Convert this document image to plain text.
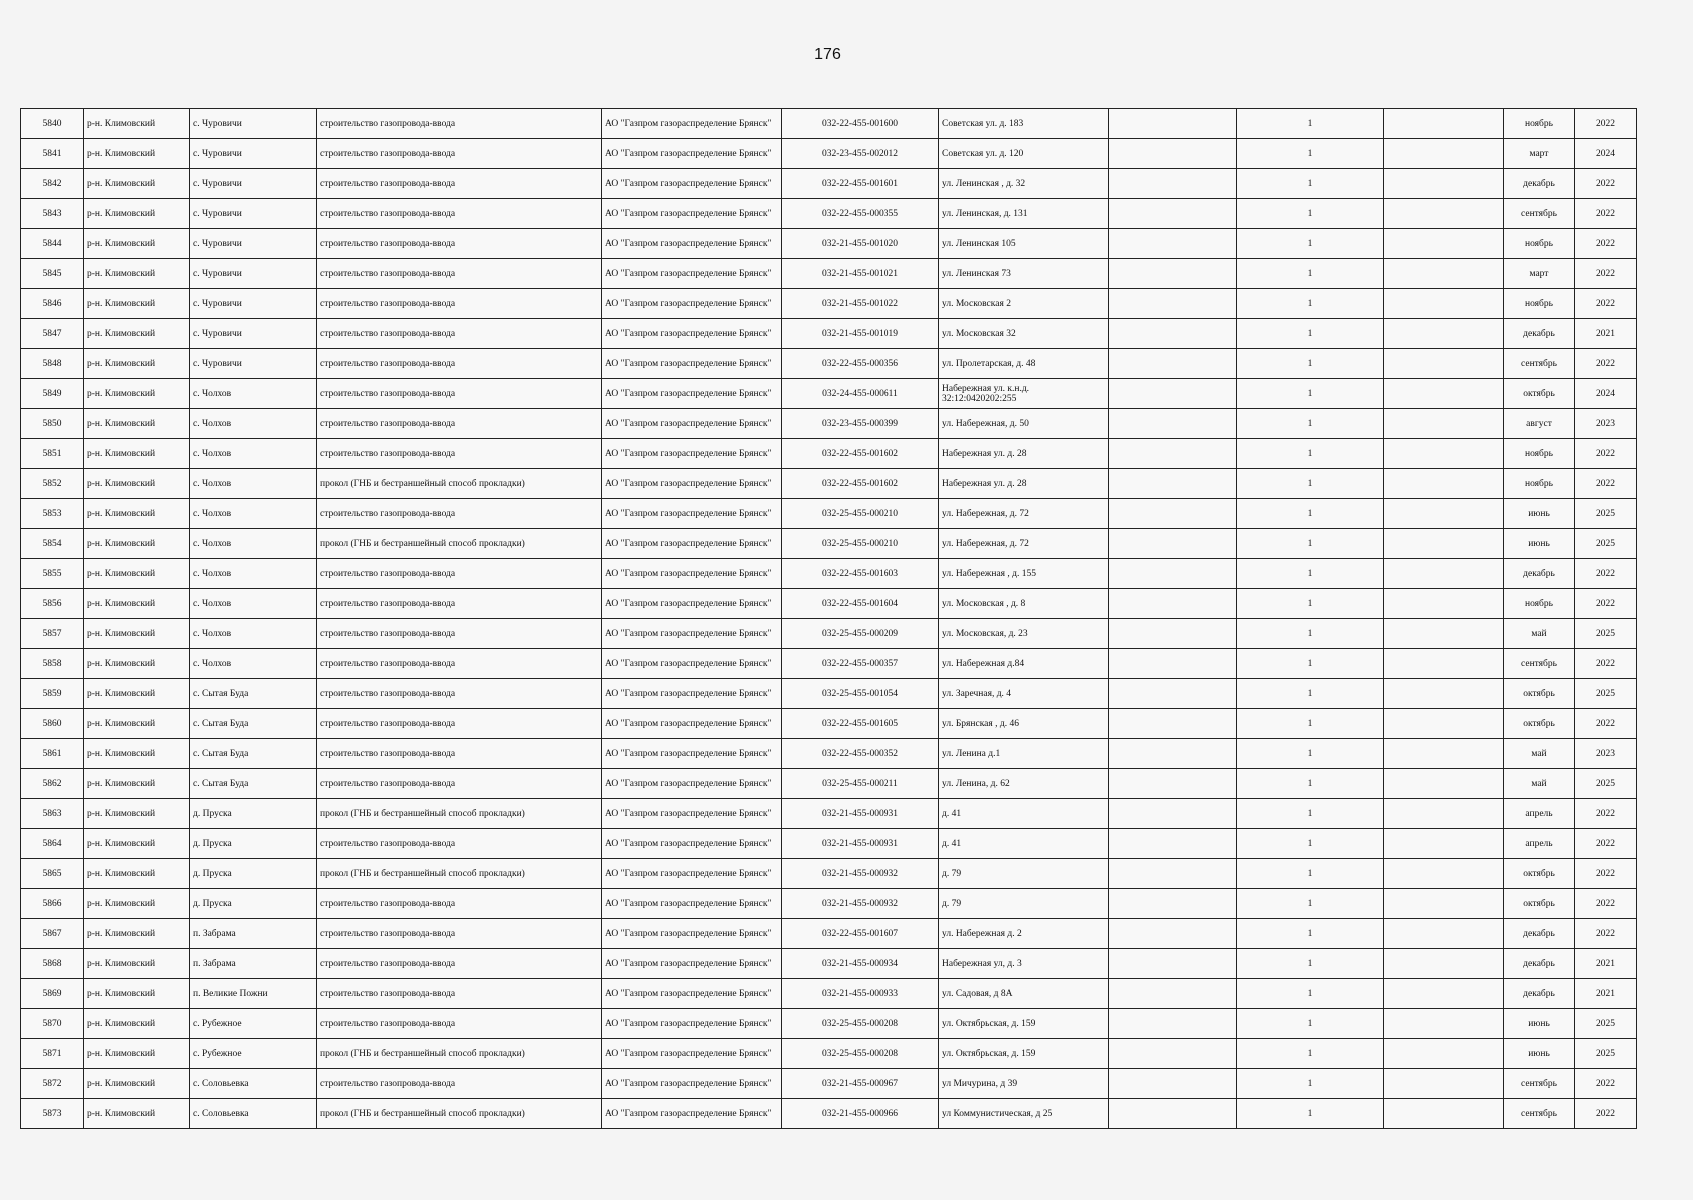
176
5840	р-н. Климовский	с. Чуровичи	строительство газопровода-ввода	АО "Газпром газораспределение Брянск"	032-22-455-001600	Советская ул. д. 183		1		ноябрь	2022
5841	р-н. Климовский	с. Чуровичи	строительство газопровода-ввода	АО "Газпром газораспределение Брянск"	032-23-455-002012	Советская ул. д. 120		1		март	2024
5842	р-н. Климовский	с. Чуровичи	строительство газопровода-ввода	АО "Газпром газораспределение Брянск"	032-22-455-001601	ул. Ленинская , д. 32		1		декабрь	2022
5843	р-н. Климовский	с. Чуровичи	строительство газопровода-ввода	АО "Газпром газораспределение Брянск"	032-22-455-000355	ул. Ленинская, д. 131		1		сентябрь	2022
5844	р-н. Климовский	с. Чуровичи	строительство газопровода-ввода	АО "Газпром газораспределение Брянск"	032-21-455-001020	ул. Ленинская 105		1		ноябрь	2022
5845	р-н. Климовский	с. Чуровичи	строительство газопровода-ввода	АО "Газпром газораспределение Брянск"	032-21-455-001021	ул. Ленинская 73		1		март	2022
5846	р-н. Климовский	с. Чуровичи	строительство газопровода-ввода	АО "Газпром газораспределение Брянск"	032-21-455-001022	ул. Московская 2		1		ноябрь	2022
5847	р-н. Климовский	с. Чуровичи	строительство газопровода-ввода	АО "Газпром газораспределение Брянск"	032-21-455-001019	ул. Московская 32		1		декабрь	2021
5848	р-н. Климовский	с. Чуровичи	строительство газопровода-ввода	АО "Газпром газораспределение Брянск"	032-22-455-000356	ул. Пролетарская, д. 48		1		сентябрь	2022
5849	р-н. Климовский	с. Чолхов	строительство газопровода-ввода	АО "Газпром газораспределение Брянск"	032-24-455-000611	Набережная ул. к.н.д. 32:12:0420202:255		1		октябрь	2024
5850	р-н. Климовский	с. Чолхов	строительство газопровода-ввода	АО "Газпром газораспределение Брянск"	032-23-455-000399	ул. Набережная, д. 50		1		август	2023
5851	р-н. Климовский	с. Чолхов	строительство газопровода-ввода	АО "Газпром газораспределение Брянск"	032-22-455-001602	Набережная ул. д. 28		1		ноябрь	2022
5852	р-н. Климовский	с. Чолхов	прокол (ГНБ и бестраншейный способ прокладки)	АО "Газпром газораспределение Брянск"	032-22-455-001602	Набережная ул. д. 28		1		ноябрь	2022
5853	р-н. Климовский	с. Чолхов	строительство газопровода-ввода	АО "Газпром газораспределение Брянск"	032-25-455-000210	ул. Набережная, д. 72		1		июнь	2025
5854	р-н. Климовский	с. Чолхов	прокол (ГНБ и бестраншейный способ прокладки)	АО "Газпром газораспределение Брянск"	032-25-455-000210	ул. Набережная, д. 72		1		июнь	2025
5855	р-н. Климовский	с. Чолхов	строительство газопровода-ввода	АО "Газпром газораспределение Брянск"	032-22-455-001603	ул. Набережная , д. 155		1		декабрь	2022
5856	р-н. Климовский	с. Чолхов	строительство газопровода-ввода	АО "Газпром газораспределение Брянск"	032-22-455-001604	ул. Московская , д. 8		1		ноябрь	2022
5857	р-н. Климовский	с. Чолхов	строительство газопровода-ввода	АО "Газпром газораспределение Брянск"	032-25-455-000209	ул. Московская, д. 23		1		май	2025
5858	р-н. Климовский	с. Чолхов	строительство газопровода-ввода	АО "Газпром газораспределение Брянск"	032-22-455-000357	ул. Набережная д.84		1		сентябрь	2022
5859	р-н. Климовский	с. Сытая Буда	строительство газопровода-ввода	АО "Газпром газораспределение Брянск"	032-25-455-001054	ул. Заречная, д. 4		1		октябрь	2025
5860	р-н. Климовский	с. Сытая Буда	строительство газопровода-ввода	АО "Газпром газораспределение Брянск"	032-22-455-001605	ул. Брянская , д. 46		1		октябрь	2022
5861	р-н. Климовский	с. Сытая Буда	строительство газопровода-ввода	АО "Газпром газораспределение Брянск"	032-22-455-000352	ул. Ленина д.1		1		май	2023
5862	р-н. Климовский	с. Сытая Буда	строительство газопровода-ввода	АО "Газпром газораспределение Брянск"	032-25-455-000211	ул. Ленина, д. 62		1		май	2025
5863	р-н. Климовский	д. Пруска	прокол (ГНБ и бестраншейный способ прокладки)	АО "Газпром газораспределение Брянск"	032-21-455-000931	д. 41		1		апрель	2022
5864	р-н. Климовский	д. Пруска	строительство газопровода-ввода	АО "Газпром газораспределение Брянск"	032-21-455-000931	д. 41		1		апрель	2022
5865	р-н. Климовский	д. Пруска	прокол (ГНБ и бестраншейный способ прокладки)	АО "Газпром газораспределение Брянск"	032-21-455-000932	д. 79		1		октябрь	2022
5866	р-н. Климовский	д. Пруска	строительство газопровода-ввода	АО "Газпром газораспределение Брянск"	032-21-455-000932	д. 79		1		октябрь	2022
5867	р-н. Климовский	п. Забрама	строительство газопровода-ввода	АО "Газпром газораспределение Брянск"	032-22-455-001607	ул. Набережная д. 2		1		декабрь	2022
5868	р-н. Климовский	п. Забрама	строительство газопровода-ввода	АО "Газпром газораспределение Брянск"	032-21-455-000934	Набережная ул, д. 3		1		декабрь	2021
5869	р-н. Климовский	п. Великие Пожни	строительство газопровода-ввода	АО "Газпром газораспределение Брянск"	032-21-455-000933	ул. Садовая, д 8А		1		декабрь	2021
5870	р-н. Климовский	с. Рубежное	строительство газопровода-ввода	АО "Газпром газораспределение Брянск"	032-25-455-000208	ул. Октябрьская, д. 159		1		июнь	2025
5871	р-н. Климовский	с. Рубежное	прокол (ГНБ и бестраншейный способ прокладки)	АО "Газпром газораспределение Брянск"	032-25-455-000208	ул. Октябрьская, д. 159		1		июнь	2025
5872	р-н. Климовский	с. Соловьевка	строительство газопровода-ввода	АО "Газпром газораспределение Брянск"	032-21-455-000967	ул Мичурина, д 39		1		сентябрь	2022
5873	р-н. Климовский	с. Соловьевка	прокол (ГНБ и бестраншейный способ прокладки)	АО "Газпром газораспределение Брянск"	032-21-455-000966	ул Коммунистическая, д 25		1		сентябрь	2022
